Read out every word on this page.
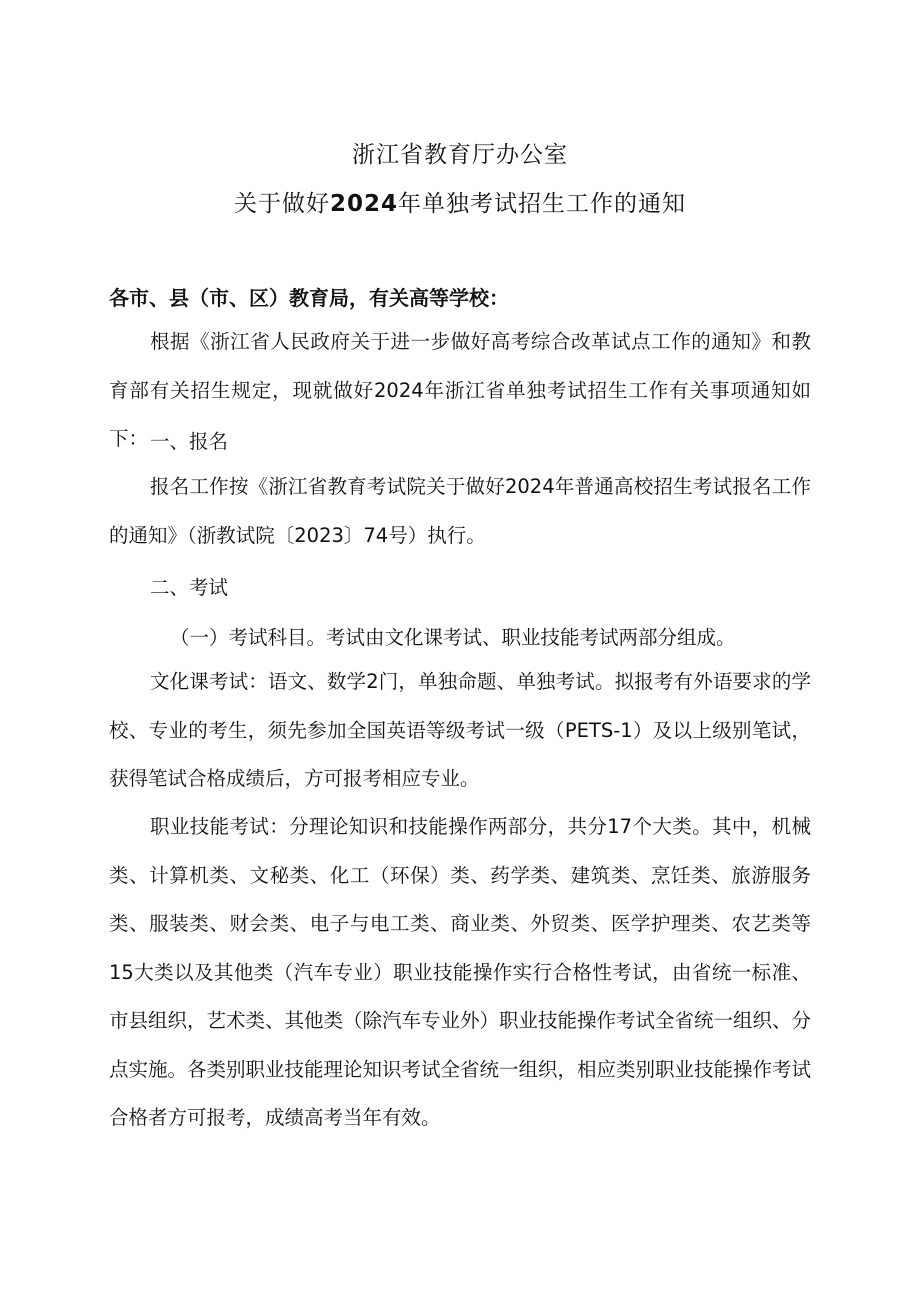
浙江省教育厅办公室
关于做好2024年单独考试招生工作的通知

各市、县（市、区）教育局，有关高等学校：

根据《浙江省人民政府关于进一步做好高考综合改革试点工作的通知》和教育部有关招生规定，现就做好2024年浙江省单独考试招生工作有关事项通知如下： 一、报名

报名工作按《浙江省教育考试院关于做好2024年普通高校招生考试报名工作的通知》（浙教试院〔2023〕74号）执行。

二、考试

（一）考试科目。考试由文化课考试、职业技能考试两部分组成。

文化课考试：语文、数学2门，单独命题、单独考试。拟报考有外语要求的学校、专业的考生，须先参加全国英语等级考试一级（PETS-1）及以上级别笔试，获得笔试合格成绩后，方可报考相应专业。

职业技能考试：分理论知识和技能操作两部分，共分17个大类。其中，机械类、计算机类、文秘类、化工（环保）类、药学类、建筑类、烹饪类、旅游服务类、服装类、财会类、电子与电工类、商业类、外贸类、医学护理类、农艺类等15大类以及其他类（汽车专业）职业技能操作实行合格性考试，由省统一标准、市县组织，艺术类、其他类（除汽车专业外）职业技能操作考试全省统一组织、分点实施。各类别职业技能理论知识考试全省统一组织，相应类别职业技能操作考试合格者方可报考，成绩高考当年有效。
